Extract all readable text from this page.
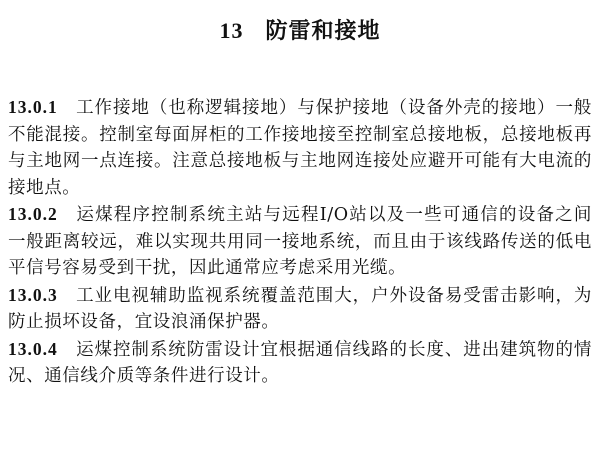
13 防雷和接地

13.0.1 工作接地（也称逻辑接地）与保护接地（设备外壳的接地）一般不能混接。控制室每面屏柜的工作接地接至控制室总接地板，总接地板再与主地网一点连接。注意总接地板与主地网连接处应避开可能有大电流的接地点。

13.0.2 运煤程序控制系统主站与远程I/O站以及一些可通信的设备之间一般距离较远，难以实现共用同一接地系统，而且由于该线路传送的低电平信号容易受到干扰，因此通常应考虑采用光缆。

13.0.3 工业电视辅助监视系统覆盖范围大，户外设备易受雷击影响，为防止损坏设备，宜设浪涌保护器。

13.0.4 运煤控制系统防雷设计宜根据通信线路的长度、进出建筑物的情况、通信线介质等条件进行设计。
